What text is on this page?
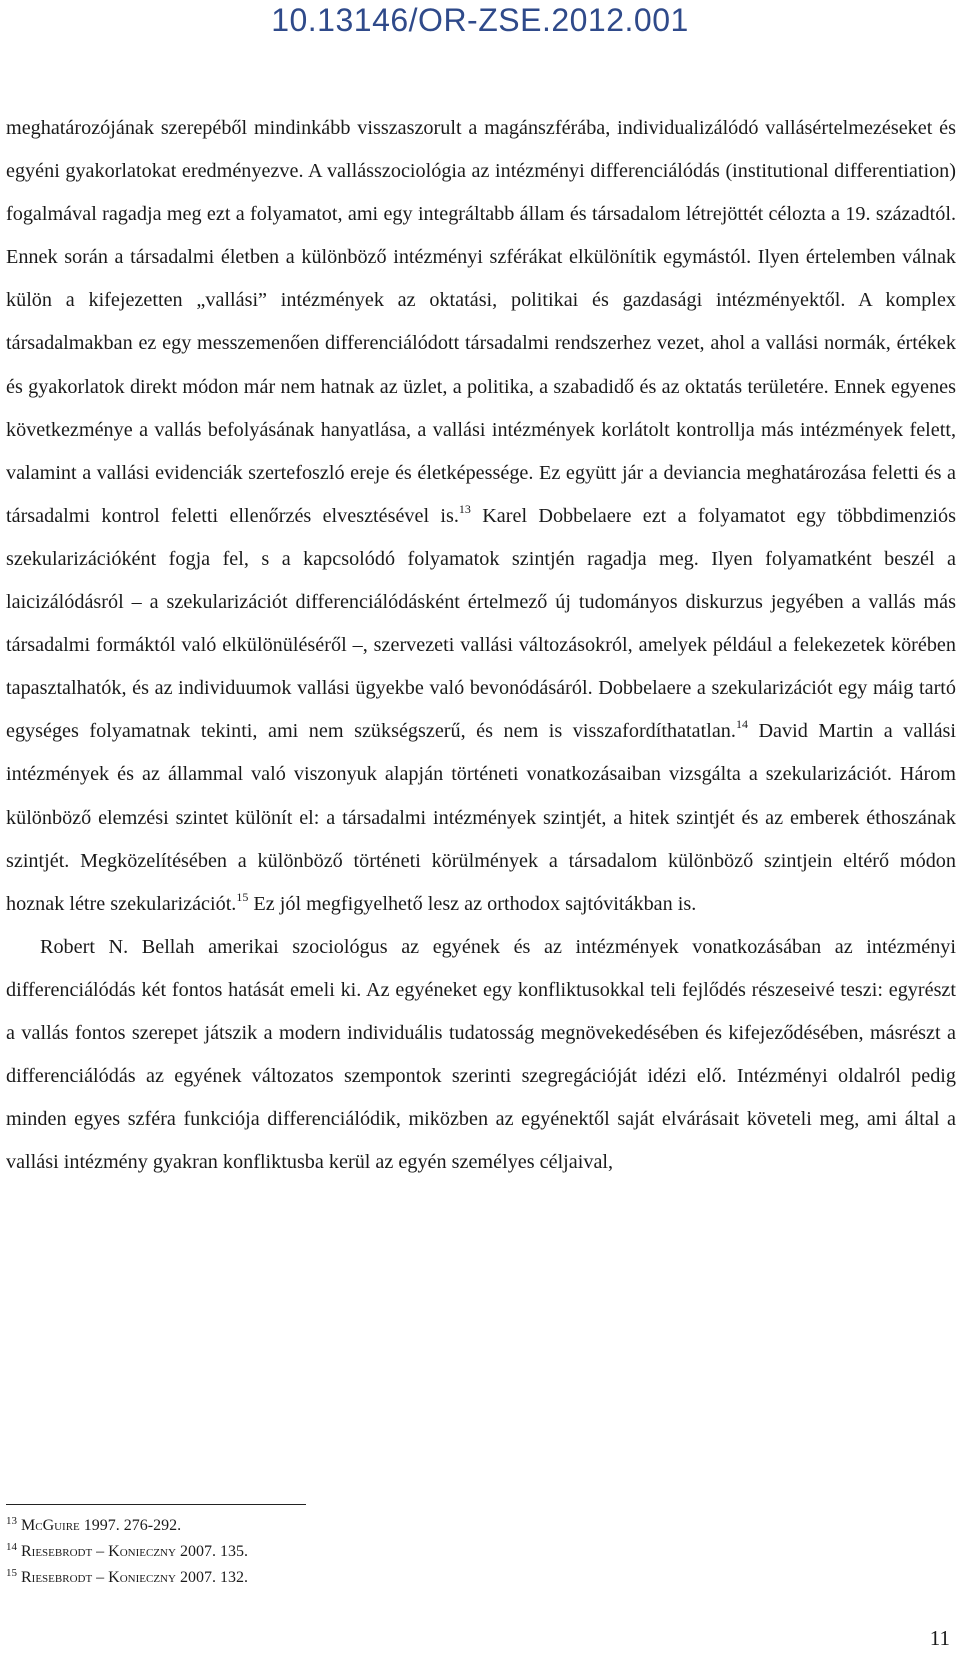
10.13146/OR-ZSE.2012.001

meghatározójának szerepéből mindinkább visszaszorult a magánszférába, individualizálódó vallásértelmezéseket és egyéni gyakorlatokat eredményezve. A vallásszociológia az intézményi differenciálódás (institutional differentiation) fogalmával ragadja meg ezt a folyamatot, ami egy integráltabb állam és társadalom létrejöttét célozta a 19. századtól. Ennek során a társadalmi életben a különböző intézményi szférákat elkülönítik egymástól. Ilyen értelemben válnak külön a kifejezetten „vallási” intézmények az oktatási, politikai és gazdasági intézményektől. A komplex társadalmakban ez egy messzemenően differenciálódott társadalmi rendszerhez vezet, ahol a vallási normák, értékek és gyakorlatok direkt módon már nem hatnak az üzlet, a politika, a szabadidő és az oktatás területére. Ennek egyenes következménye a vallás befolyásának hanyatlása, a vallási intézmények korlátolt kontrollja más intézmények felett, valamint a vallási evidenciák szertefoszló ereje és életképessége. Ez együtt jár a deviancia meghatározása feletti és a társadalmi kontrol feletti ellenőrzés elvesztésével is.$^{13}$ Karel Dobbelaere ezt a folyamatot egy többdimenziós szekularizációként fogja fel, s a kapcsolódó folyamatok szintjén ragadja meg. Ilyen folyamatként beszél a laicizálódásról – a szekularizációt differenciálódásként értelmező új tudományos diskurzus jegyében a vallás más társadalmi formáktól való elkülönüléséről –, szervezeti vallási változásokról, amelyek például a felekezetek körében tapasztalhatók, és az individuumok vallási ügyekbe való bevonódásáról. Dobbelaere a szekularizációt egy máig tartó egységes folyamatnak tekinti, ami nem szükségszerű, és nem is visszafordíthatatlan.$^{14}$ David Martin a vallási intézmények és az állammal való viszonyuk alapján történeti vonatkozásaiban vizsgálta a szekularizációt. Három különböző elemzési szintet különít el: a társadalmi intézmények szintjét, a hitek szintjét és az emberek éthoszának szintjét. Megközelítésében a különböző történeti körülmények a társadalom különböző szintjein eltérő módon hoznak létre szekularizációt.$^{15}$ Ez jól megfigyelhető lesz az orthodox sajtóvitákban is.

Robert N. Bellah amerikai szociológus az egyének és az intézmények vonatkozásában az intézményi differenciálódás két fontos hatását emeli ki. Az egyéneket egy konfliktusokkal teli fejlődés részeseivé teszi: egyrészt a vallás fontos szerepet játszik a modern individuális tudatosság megnövekedésében és kifejeződésében, másrészt a differenciálódás az egyének változatos szempontok szerinti szegregációját idézi elő. Intézményi oldalról pedig minden egyes szféra funkciója differenciálódik, miközben az egyénektől saját elvárásait követeli meg, ami által a vallási intézmény gyakran konfliktusba kerül az egyén személyes céljaival,

$^{13}$ McGuire 1997. 276-292.
$^{14}$ Riesebrodt – Konieczny 2007. 135.
$^{15}$ Riesebrodt – Konieczny 2007. 132.
11
